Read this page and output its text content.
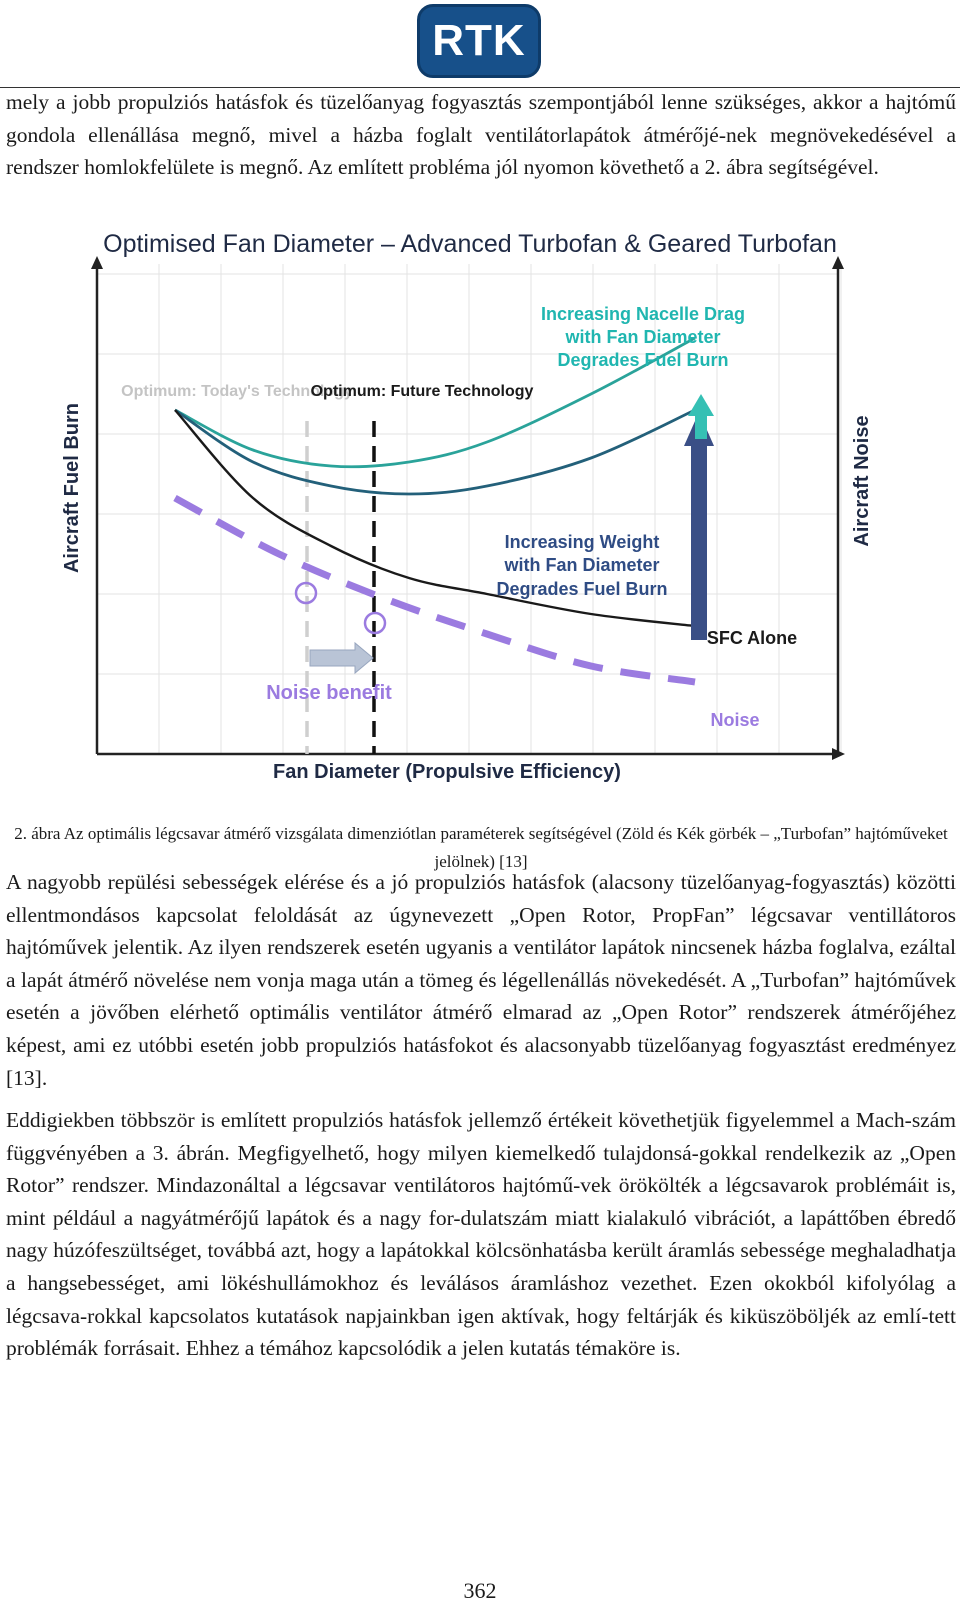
RTK

mely a jobb propulziós hatásfok és tüzelőanyag fogyasztás szempontjából lenne szükséges, akkor a hajtómű gondola ellenállása megnő, mivel a házba foglalt ventilátorlapátok átmérőjé-nek megnövekedésével a rendszer homlokfelülete is megnő. Az említett probléma jól nyomon követhető a 2. ábra segítségével.

Optimised Fan Diameter – Advanced Turbofan & Geared Turbofan
Fan Diameter (Propulsive Efficiency)
Aircraft Fuel Burn	Aircraft Noise
Optimum: Today's Technology
Optimum: Future Technology
Increasing Nacelle Drag
with Fan Diameter
Degrades Fuel Burn
Increasing Weight
with Fan Diameter
Degrades Fuel Burn
SFC Alone
Noise
Noise benefit

2. ábra Az optimális légcsavar átmérő vizsgálata dimenziótlan paraméterek segítségével (Zöld és Kék görbék – „Turbofan” hajtóműveket jelölnek) [13]

A nagyobb repülési sebességek elérése és a jó propulziós hatásfok (alacsony tüzelőanyag-fogyasztás) közötti ellentmondásos kapcsolat feloldását az úgynevezett „Open Rotor, PropFan” légcsavar ventillátoros hajtóművek jelentik. Az ilyen rendszerek esetén ugyanis a ventilátor lapátok nincsenek házba foglalva, ezáltal a lapát átmérő növelése nem vonja maga után a tömeg és légellenállás növekedését. A „Turbofan” hajtóművek esetén a jövőben elérhető optimális ventilátor átmérő elmarad az „Open Rotor” rendszerek átmérőjéhez képest, ami ez utóbbi esetén jobb propulziós hatásfokot és alacsonyabb tüzelőanyag fogyasztást eredményez [13].

Eddigiekben többször is említett propulziós hatásfok jellemző értékeit követhetjük figyelemmel a Mach-szám függvényében a 3. ábrán. Megfigyelhető, hogy milyen kiemelkedő tulajdonsá-gokkal rendelkezik az „Open Rotor” rendszer. Mindazonáltal a légcsavar ventilátoros hajtómű-vek örökölték a légcsavarok problémáit is, mint például a nagyátmérőjű lapátok és a nagy for-dulatszám miatt kialakuló vibrációt, a lapáttőben ébredő nagy húzófeszültséget, továbbá azt, hogy a lapátokkal kölcsönhatásba került áramlás sebessége meghaladhatja a hangsebességet, ami lökéshullámokhoz és leválásos áramláshoz vezethet. Ezen okokból kifolyólag a légcsava-rokkal kapcsolatos kutatások napjainkban igen aktívak, hogy feltárják és kiküszöböljék az emlí-tett problémák forrásait. Ehhez a témához kapcsolódik a jelen kutatás témaköre is.

362
